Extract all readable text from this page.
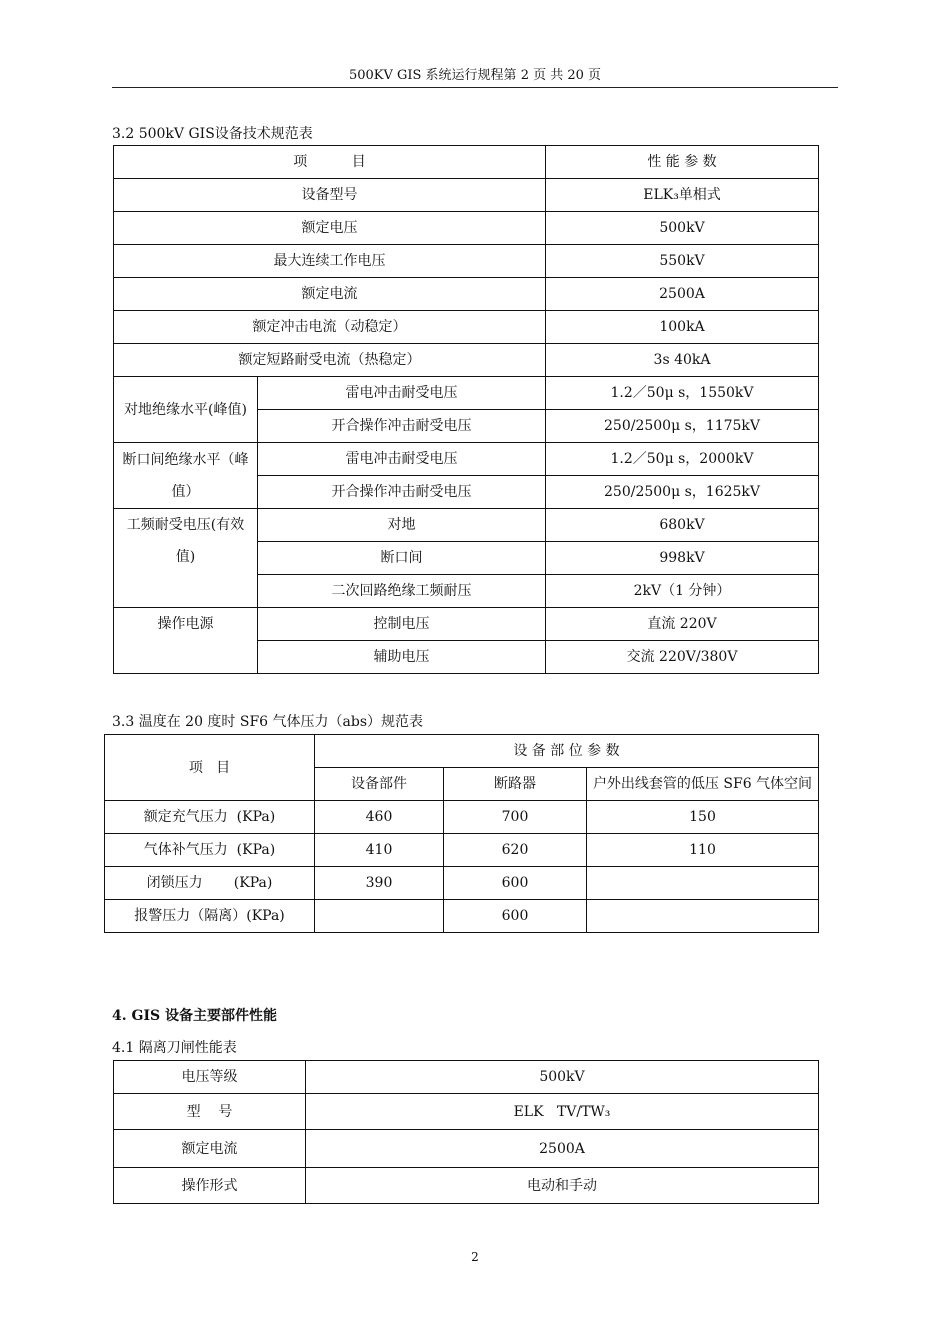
500KV GIS 系统运行规程第 2 页 共 20 页
3.2 500kV GIS设备技术规范表
项          目		性 能 参 数
设备型号		ELK₃单相式
额定电压		500kV
最大连续工作电压		550kV
额定电流		2500A
额定冲击电流（动稳定）		100kA
额定短路耐受电流（热稳定）		3s 40kA
对地绝缘水平(峰值)	雷电冲击耐受电压	1.2／50μ s，1550kV
	开合操作冲击耐受电压	250/2500μ s，1175kV
断口间绝缘水平（峰值）	雷电冲击耐受电压	1.2／50μ s，2000kV
	开合操作冲击耐受电压	250/2500μ s，1625kV
工频耐受电压(有效值)	对地	680kV
	断口间	998kV
	二次回路绝缘工频耐压	2kV（1 分钟）
操作电源	控制电压	直流 220V
	辅助电压	交流 220V/380V
3.3 温度在 20 度时 SF6 气体压力（abs）规范表
项   目	设 备 部 位 参 数		
	设备部件	断路器	户外出线套管的低压 SF6 气体空间

额定充气压力  (KPa)	460	700	150
气体补气压力  (KPa)	410	620	110
闭锁压力       (KPa)	390	600	
报警压力（隔离）(KPa)		600	
4. GIS 设备主要部件性能
4.1 隔离刀闸性能表
电压等级	500kV
型    号	ELK   TV/TW₃
额定电流	2500A
操作形式	电动和手动
2
